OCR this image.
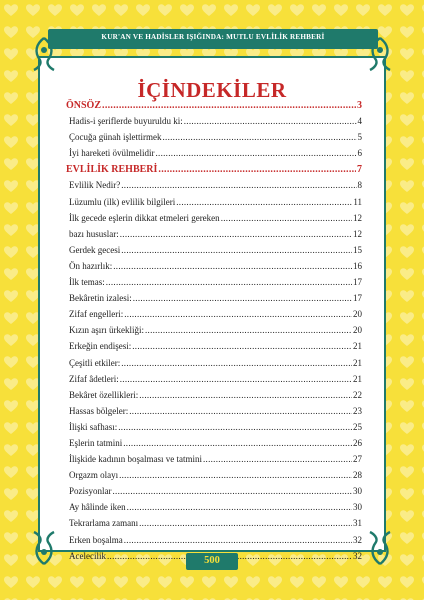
KUR'AN VE HADİSLER IŞIĞINDA: MUTLU EVLİLİK REHBERİ
İÇİNDEKİLER
ÖNSÖZ .....	3
Hadis-i şeriflerde buyuruldu ki: .....	4
Çocuğa günah işlettirmek .....	5
İyi hareketi övülmelidir .....	6
EVLİLİK REHBERİ .....	7
Evlilik Nedir? .....	8
Lüzumlu (ilk) evlilik bilgileri .....	11
İlk gecede eşlerin dikkat etmeleri gereken .....	12
bazı hususlar: .....	12
Gerdek gecesi .....	15
Ön hazırlık: .....	16
İlk temas: .....	17
Bekâretin izalesi: .....	17
Zifaf engelleri: .....	20
Kızın aşırı ürkekliği: .....	20
Erkeğin endişesi: .....	21
Çeşitli etkiler: .....	21
Zifaf âdetleri: .....	21
Bekâret özellikleri: .....	22
Hassas bölgeler: .....	23
İlişki safhası: .....	25
Eşlerin tatmini .....	26
İlişkide kadının boşalması ve tatmini .....	27
Orgazm olayı .....	28
Pozisyonlar .....	30
Ay hâlinde iken .....	30
Tekrarlama zamanı .....	31
Erken boşalma .....	32
Acelecilik .....	32
500
